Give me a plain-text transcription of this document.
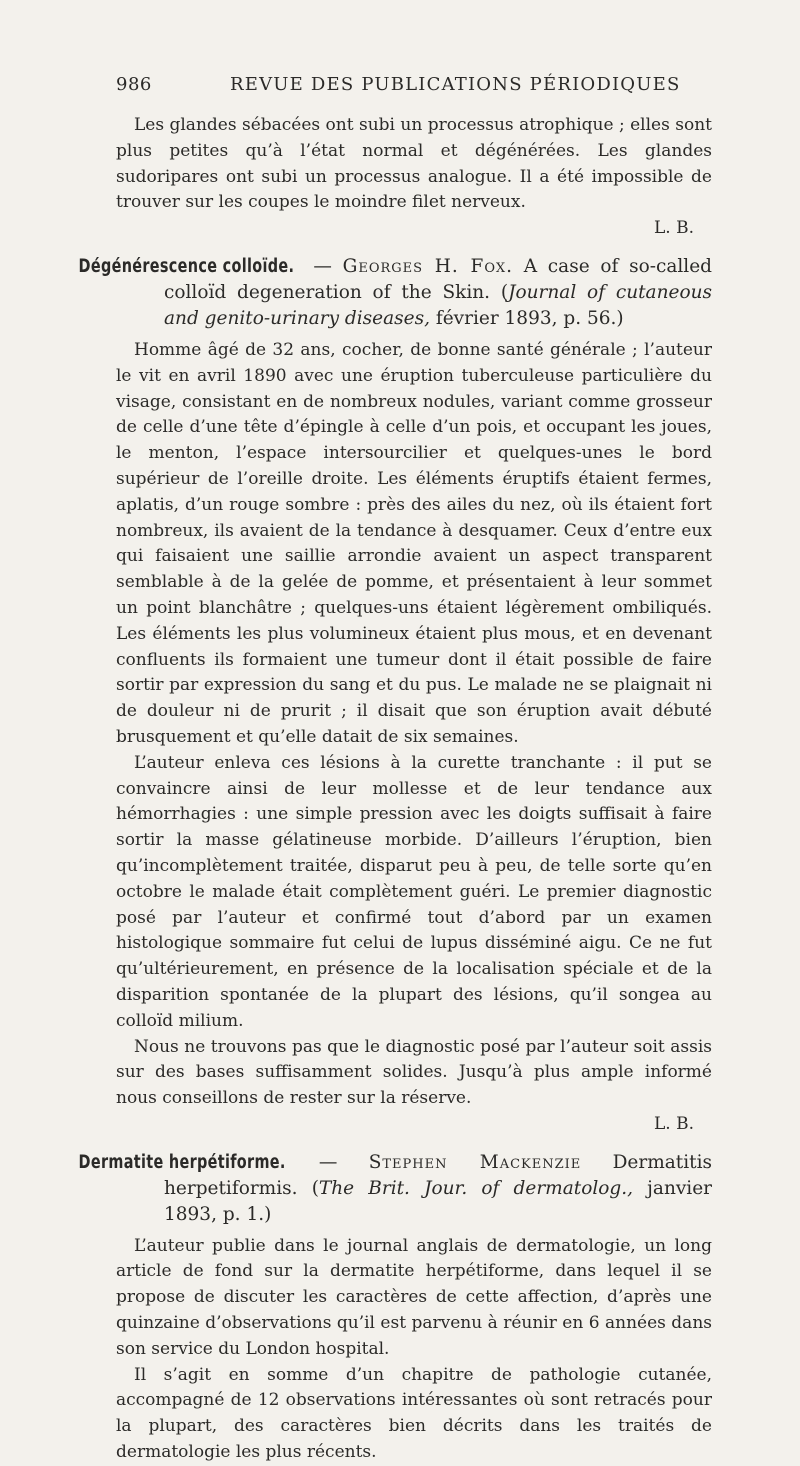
986	REVUE DES PUBLICATIONS PÉRIODIQUES

Les glandes sébacées ont subi un processus atrophique ; elles sont plus petites qu’à l’état normal et dégénérées. Les glandes sudoripares ont subi un processus analogue. Il a été impossible de trouver sur les coupes le moindre filet nerveux.

L. B.

Dégénérescence colloïde. — Georges H. Fox. A case of so-called colloïd degeneration of the Skin. (Journal of cutaneous and genito-urinary diseases, février 1893, p. 56.)

Homme âgé de 32 ans, cocher, de bonne santé générale ; l’auteur le vit en avril 1890 avec une éruption tuberculeuse particulière du visage, consistant en de nombreux nodules, variant comme grosseur de celle d’une tête d’épingle à celle d’un pois, et occupant les joues, le menton, l’espace intersourcilier et quelques-unes le bord supérieur de l’oreille droite. Les éléments éruptifs étaient fermes, aplatis, d’un rouge sombre : près des ailes du nez, où ils étaient fort nombreux, ils avaient de la tendance à desquamer. Ceux d’entre eux qui faisaient une saillie arrondie avaient un aspect transparent semblable à de la gelée de pomme, et présentaient à leur sommet un point blanchâtre ; quelques-uns étaient légèrement ombiliqués. Les éléments les plus volumineux étaient plus mous, et en devenant confluents ils formaient une tumeur dont il était possible de faire sortir par expression du sang et du pus. Le malade ne se plaignait ni de douleur ni de prurit ; il disait que son éruption avait débuté brusquement et qu’elle datait de six semaines.

L’auteur enleva ces lésions à la curette tranchante : il put se convaincre ainsi de leur mollesse et de leur tendance aux hémorrhagies : une simple pression avec les doigts suffisait à faire sortir la masse gélatineuse morbide. D’ailleurs l’éruption, bien qu’incomplètement traitée, disparut peu à peu, de telle sorte qu’en octobre le malade était complètement guéri. Le premier diagnostic posé par l’auteur et confirmé tout d’abord par un examen histologique sommaire fut celui de lupus disséminé aigu. Ce ne fut qu’ultérieurement, en présence de la localisation spéciale et de la disparition spontanée de la plupart des lésions, qu’il songea au colloïd milium.

Nous ne trouvons pas que le diagnostic posé par l’auteur soit assis sur des bases suffisamment solides. Jusqu’à plus ample informé nous conseillons de rester sur la réserve.

L. B.

Dermatite herpétiforme. — Stephen Mackenzie Dermatitis herpetiformis. (The Brit. Jour. of dermatolog., janvier 1893, p. 1.)

L’auteur publie dans le journal anglais de dermatologie, un long article de fond sur la dermatite herpétiforme, dans lequel il se propose de discuter les caractères de cette affection, d’après une quinzaine d’observations qu’il est parvenu à réunir en 6 années dans son service du London hospital.

Il s’agit en somme d’un chapitre de pathologie cutanée, accompagné de 12 observations intéressantes où sont retracés pour la plupart, des caractères bien décrits dans les traités de dermatologie les plus récents.
